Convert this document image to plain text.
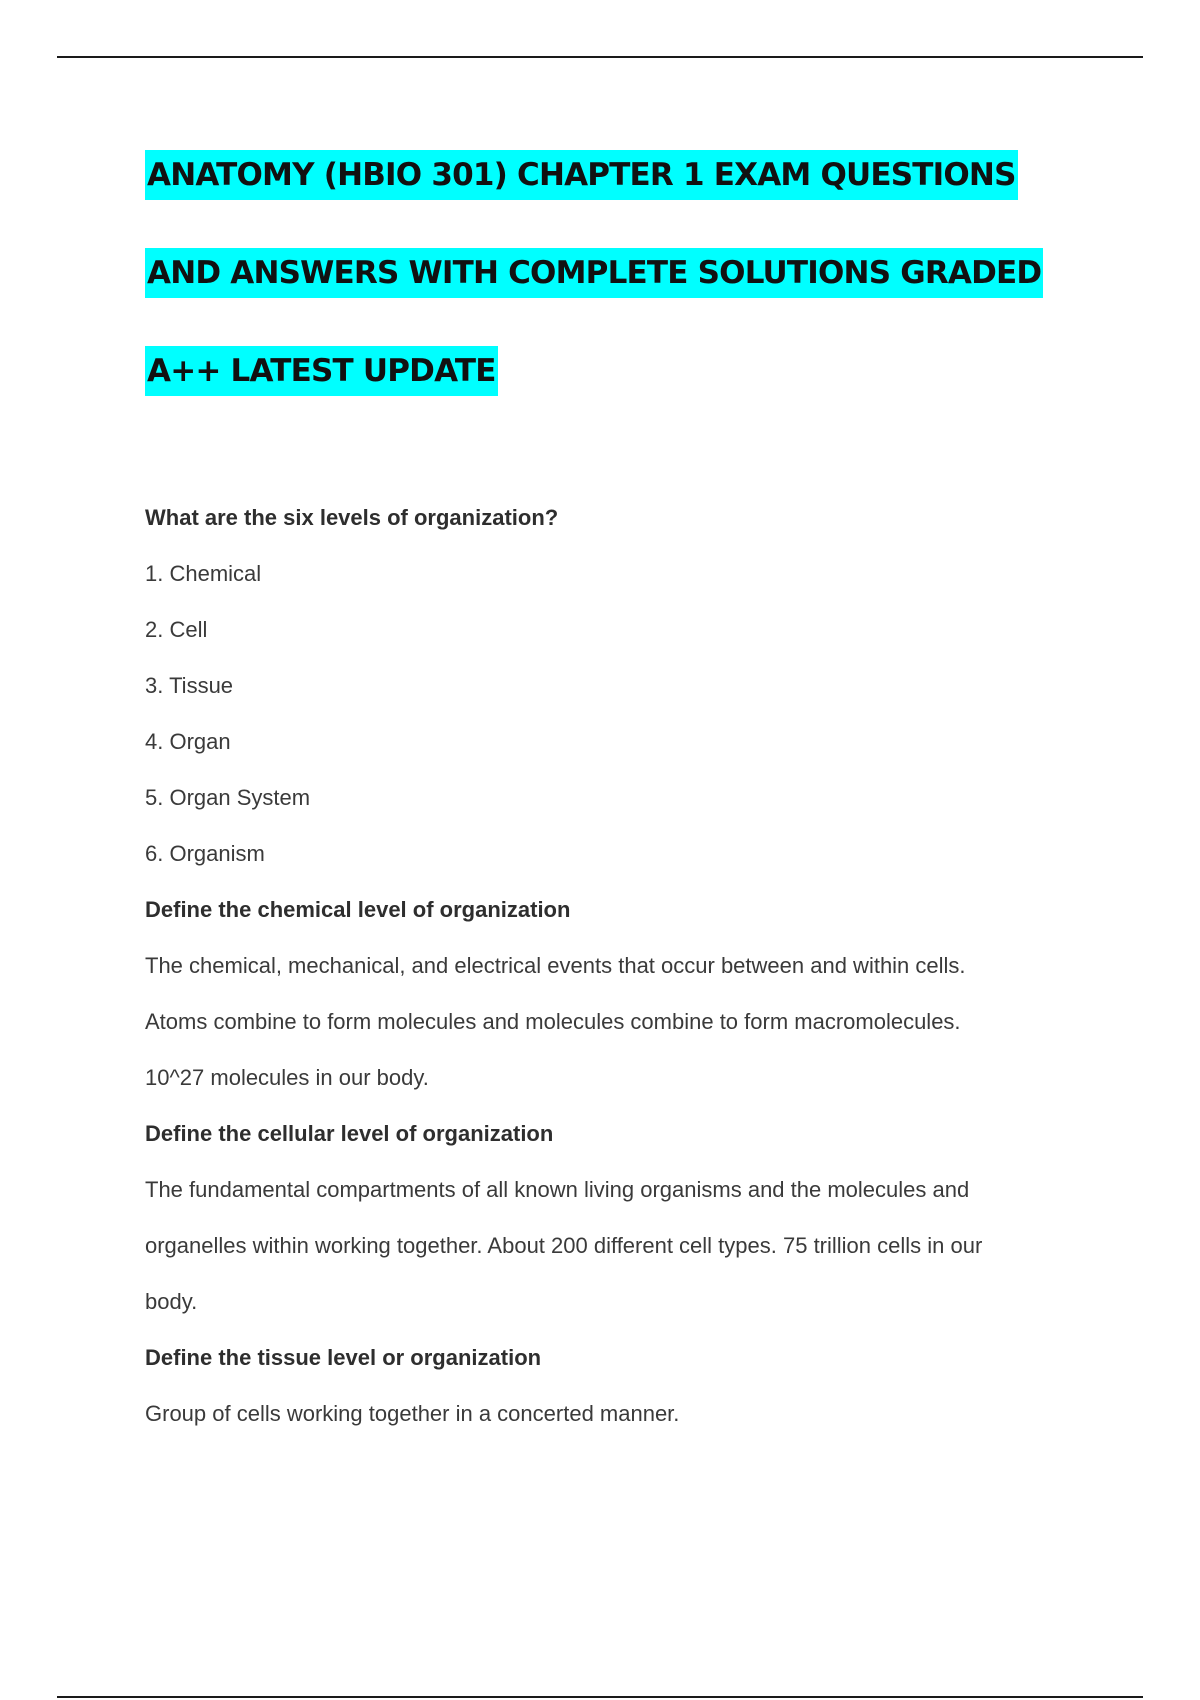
ANATOMY (HBIO 301) CHAPTER 1 EXAM QUESTIONS
AND ANSWERS WITH COMPLETE SOLUTIONS GRADED
A++ LATEST UPDATE

What are the six levels of organization?

1. Chemical

2. Cell

3. Tissue

4. Organ

5. Organ System

6. Organism

Define the chemical level of organization

The chemical, mechanical, and electrical events that occur between and within cells.

Atoms combine to form molecules and molecules combine to form macromolecules.

10^27 molecules in our body.

Define the cellular level of organization

The fundamental compartments of all known living organisms and the molecules and

organelles within working together. About 200 different cell types. 75 trillion cells in our

body.

Define the tissue level or organization

Group of cells working together in a concerted manner.
